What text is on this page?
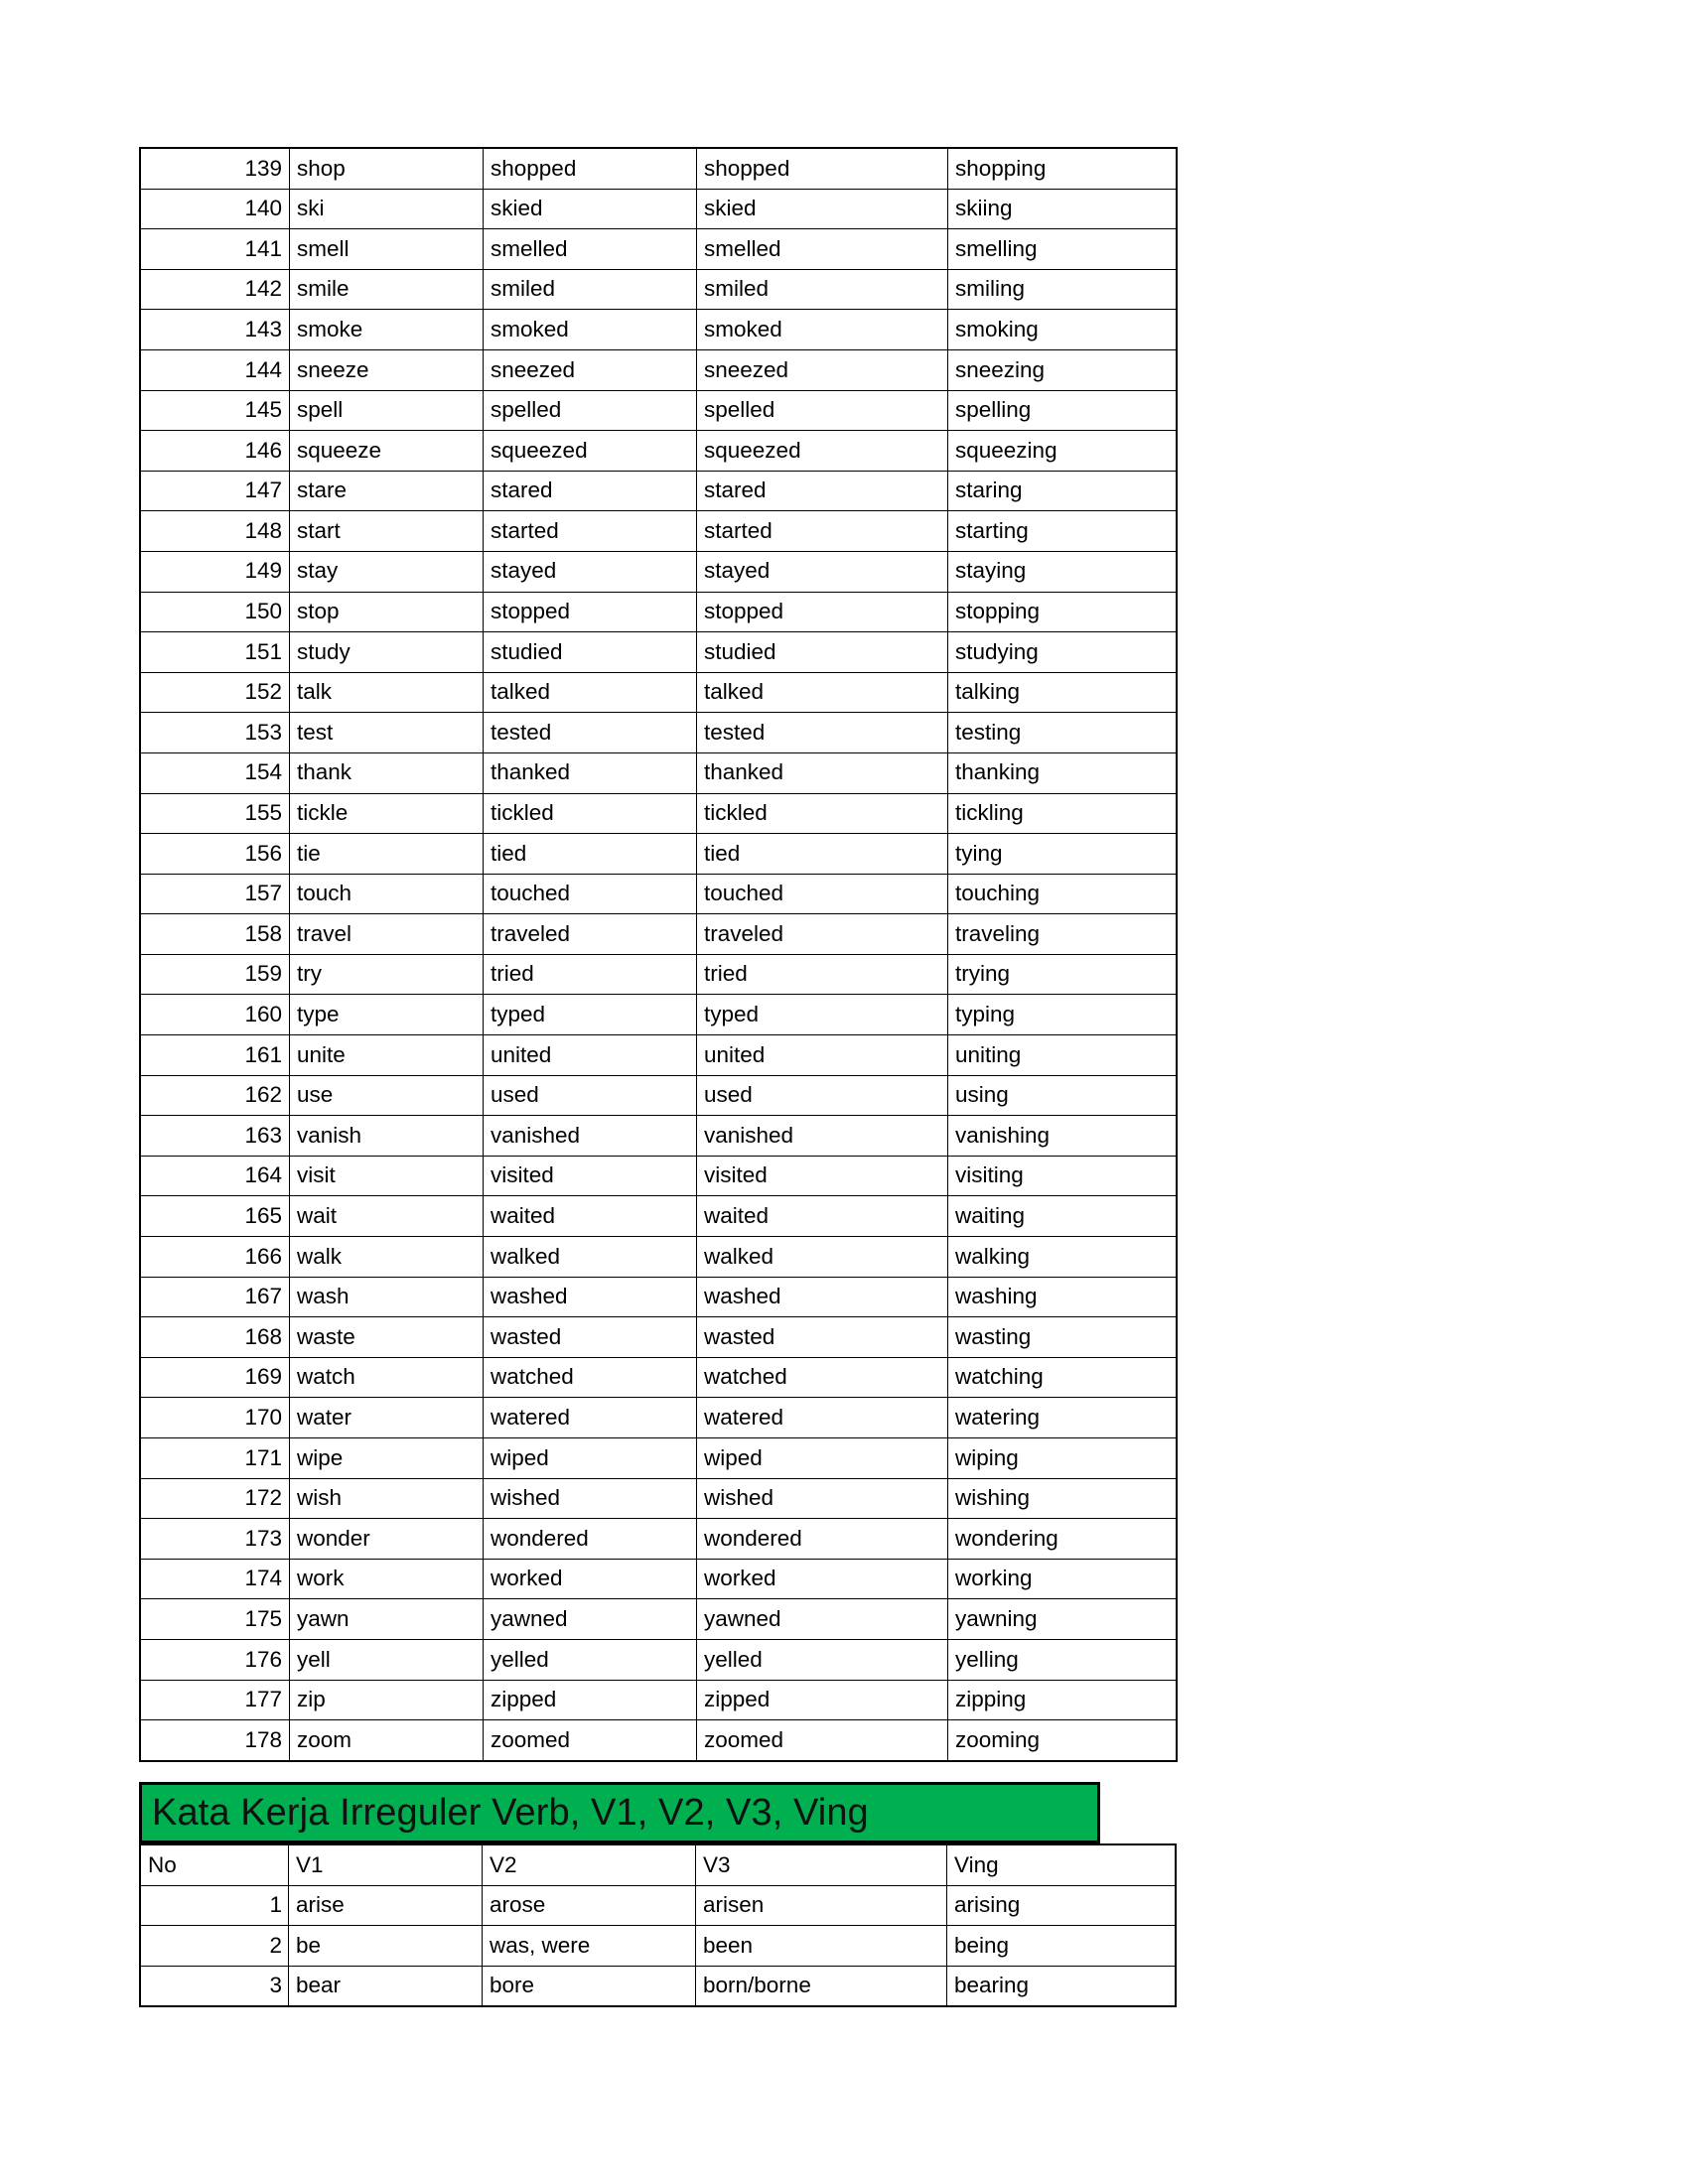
139	shop	shopped	shopped	shopping
140	ski	skied	skied	skiing
141	smell	smelled	smelled	smelling
142	smile	smiled	smiled	smiling
143	smoke	smoked	smoked	smoking
144	sneeze	sneezed	sneezed	sneezing
145	spell	spelled	spelled	spelling
146	squeeze	squeezed	squeezed	squeezing
147	stare	stared	stared	staring
148	start	started	started	starting
149	stay	stayed	stayed	staying
150	stop	stopped	stopped	stopping
151	study	studied	studied	studying
152	talk	talked	talked	talking
153	test	tested	tested	testing
154	thank	thanked	thanked	thanking
155	tickle	tickled	tickled	tickling
156	tie	tied	tied	tying
157	touch	touched	touched	touching
158	travel	traveled	traveled	traveling
159	try	tried	tried	trying
160	type	typed	typed	typing
161	unite	united	united	uniting
162	use	used	used	using
163	vanish	vanished	vanished	vanishing
164	visit	visited	visited	visiting
165	wait	waited	waited	waiting
166	walk	walked	walked	walking
167	wash	washed	washed	washing
168	waste	wasted	wasted	wasting
169	watch	watched	watched	watching
170	water	watered	watered	watering
171	wipe	wiped	wiped	wiping
172	wish	wished	wished	wishing
173	wonder	wondered	wondered	wondering
174	work	worked	worked	working
175	yawn	yawned	yawned	yawning
176	yell	yelled	yelled	yelling
177	zip	zipped	zipped	zipping
178	zoom	zoomed	zoomed	zooming
Kata Kerja Irreguler Verb, V1, V2, V3, Ving
No	V1	V2	V3	Ving
1	arise	arose	arisen	arising
2	be	was, were	been	being
3	bear	bore	born/borne	bearing
